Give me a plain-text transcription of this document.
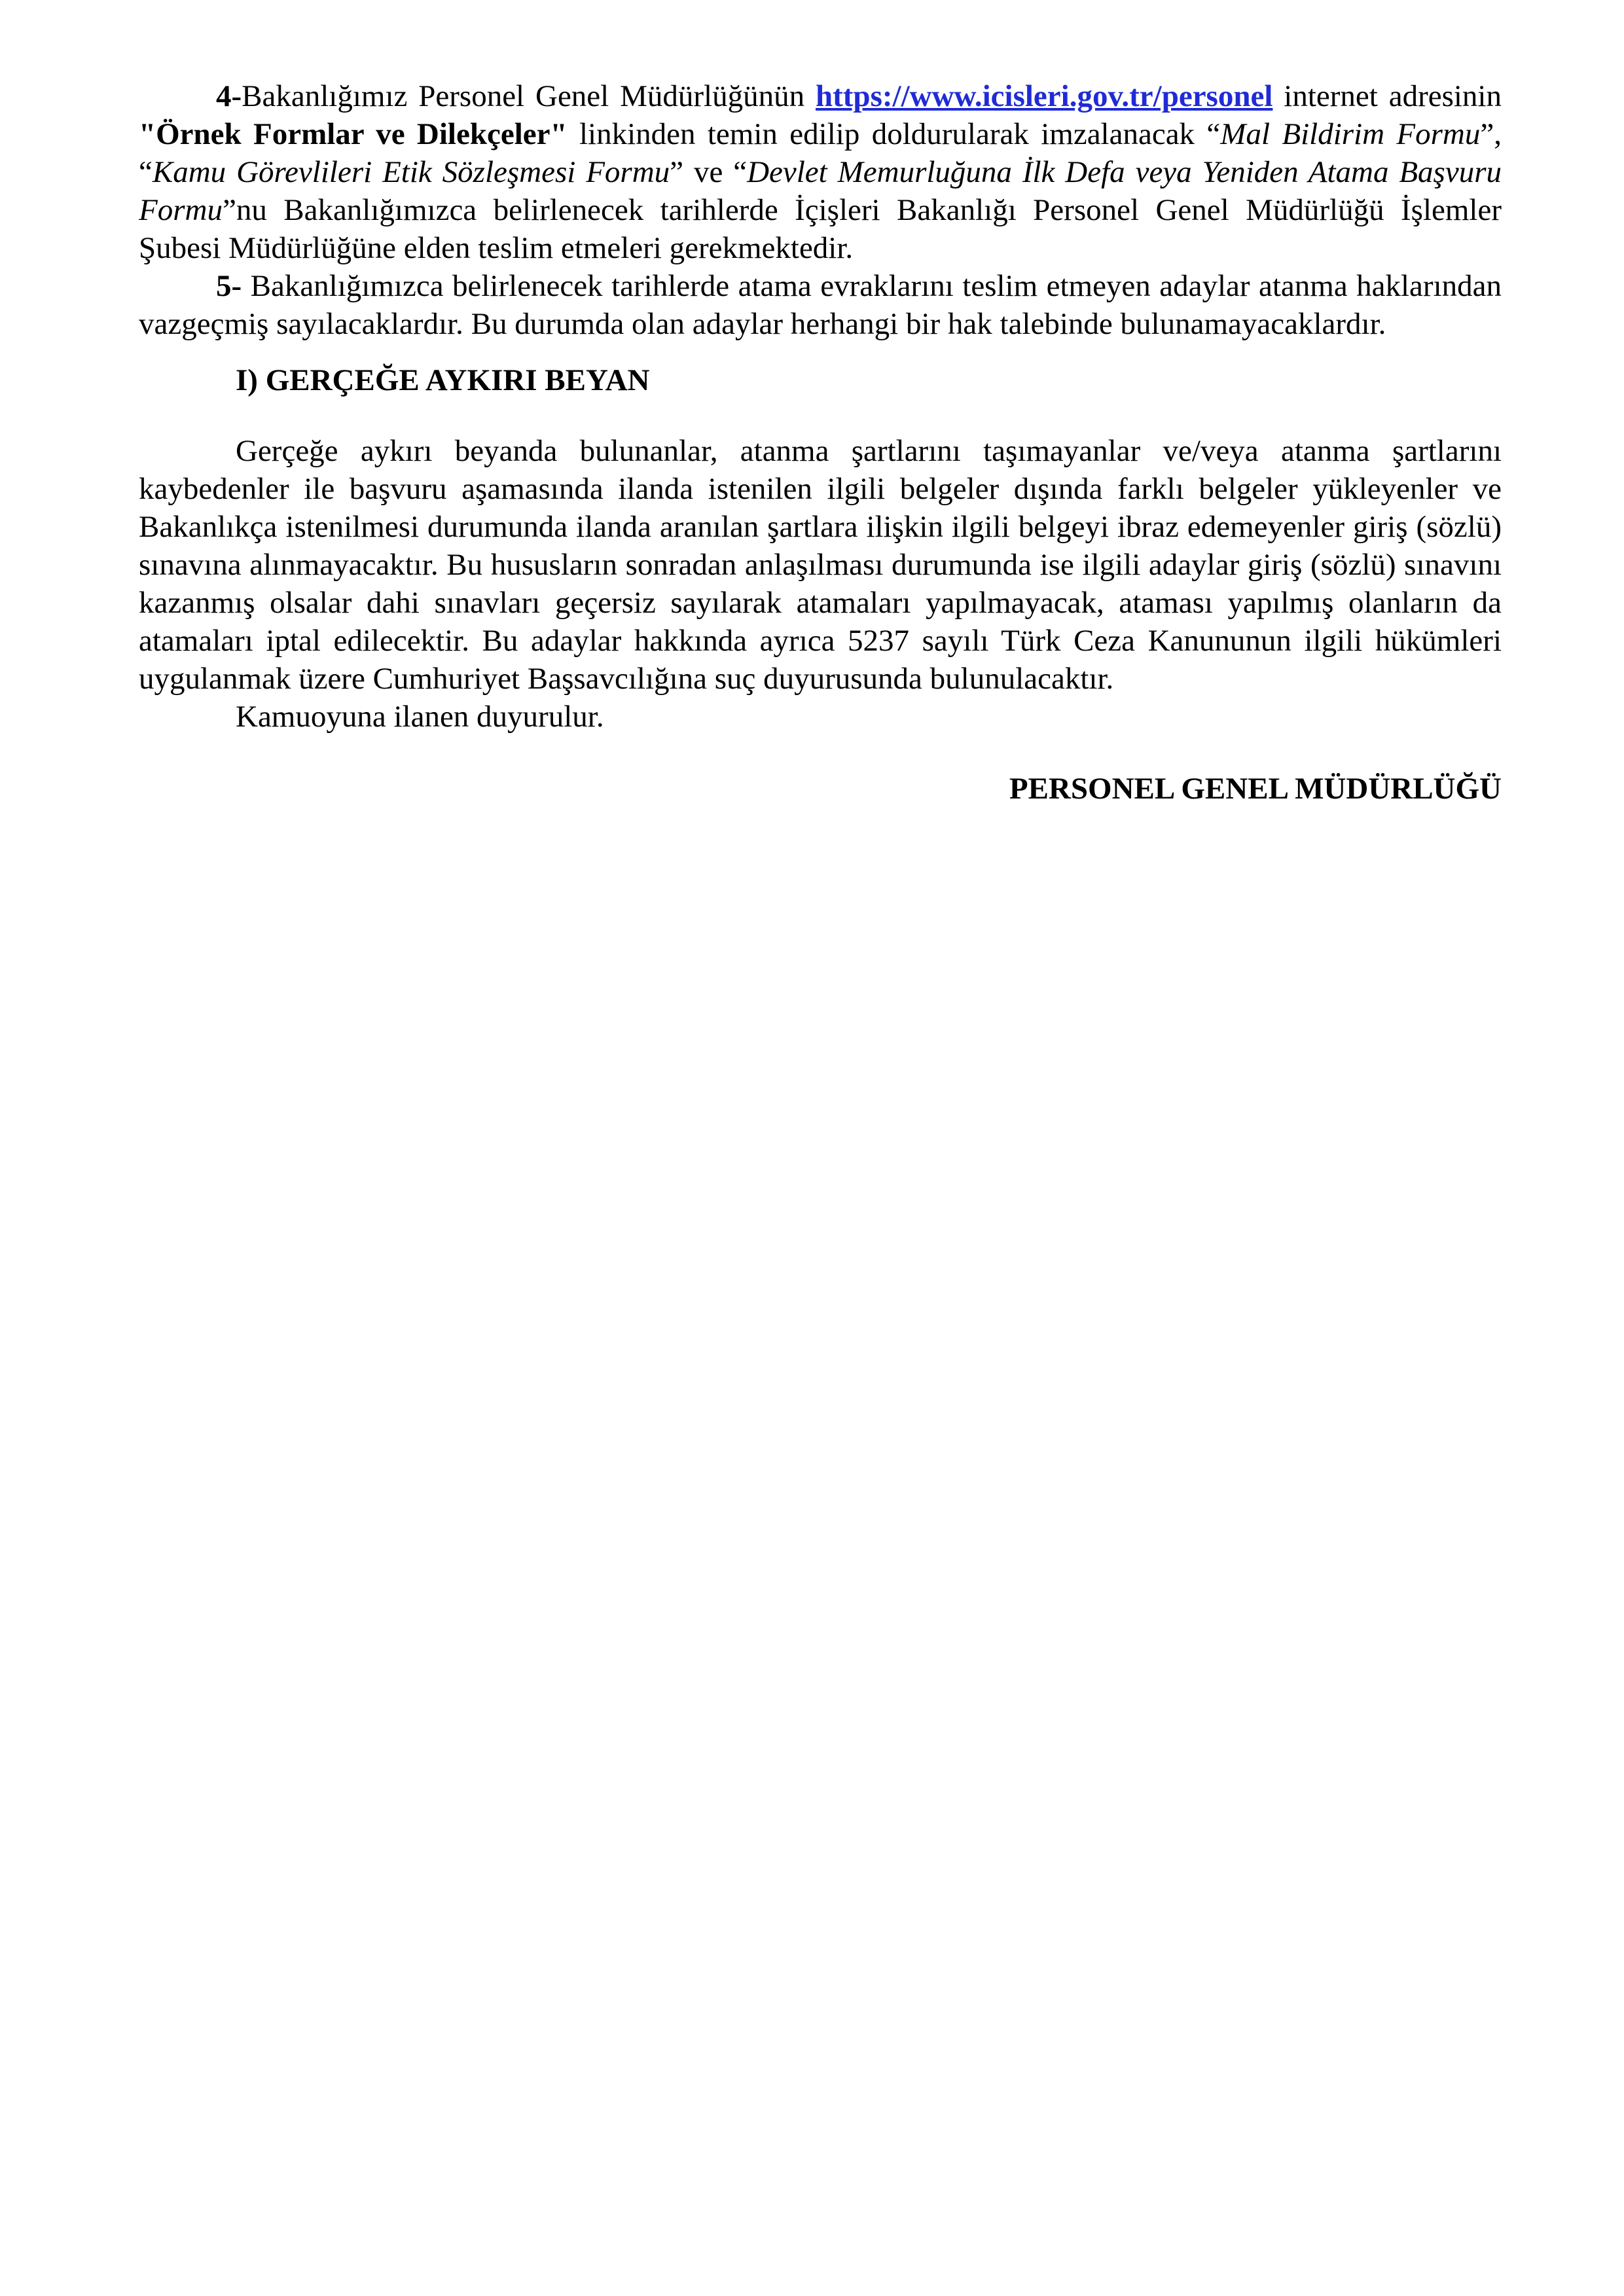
4-Bakanlığımız Personel Genel Müdürlüğünün https://www.icisleri.gov.tr/personel internet adresinin "Örnek Formlar ve Dilekçeler" linkinden temin edilip doldurularak imzalanacak “Mal Bildirim Formu”, “Kamu Görevlileri Etik Sözleşmesi Formu” ve “Devlet Memurluğuna İlk Defa veya Yeniden Atama Başvuru Formu”nu Bakanlığımızca belirlenecek tarihlerde İçişleri Bakanlığı Personel Genel Müdürlüğü İşlemler Şubesi Müdürlüğüne elden teslim etmeleri gerekmektedir.

5- Bakanlığımızca belirlenecek tarihlerde atama evraklarını teslim etmeyen adaylar atanma haklarından vazgeçmiş sayılacaklardır. Bu durumda olan adaylar herhangi bir hak talebinde bulunamayacaklardır.

I) GERÇEĞE AYKIRI BEYAN

Gerçeğe aykırı beyanda bulunanlar, atanma şartlarını taşımayanlar ve/veya atanma şartlarını kaybedenler ile başvuru aşamasında ilanda istenilen ilgili belgeler dışında farklı belgeler yükleyenler ve Bakanlıkça istenilmesi durumunda ilanda aranılan şartlara ilişkin ilgili belgeyi ibraz edemeyenler giriş (sözlü) sınavına alınmayacaktır. Bu hususların sonradan anlaşılması durumunda ise ilgili adaylar giriş (sözlü) sınavını kazanmış olsalar dahi sınavları geçersiz sayılarak atamaları yapılmayacak, ataması yapılmış olanların da atamaları iptal edilecektir. Bu adaylar hakkında ayrıca 5237 sayılı Türk Ceza Kanununun ilgili hükümleri uygulanmak üzere Cumhuriyet Başsavcılığına suç duyurusunda bulunulacaktır.

Kamuoyuna ilanen duyurulur.

PERSONEL GENEL MÜDÜRLÜĞÜ
